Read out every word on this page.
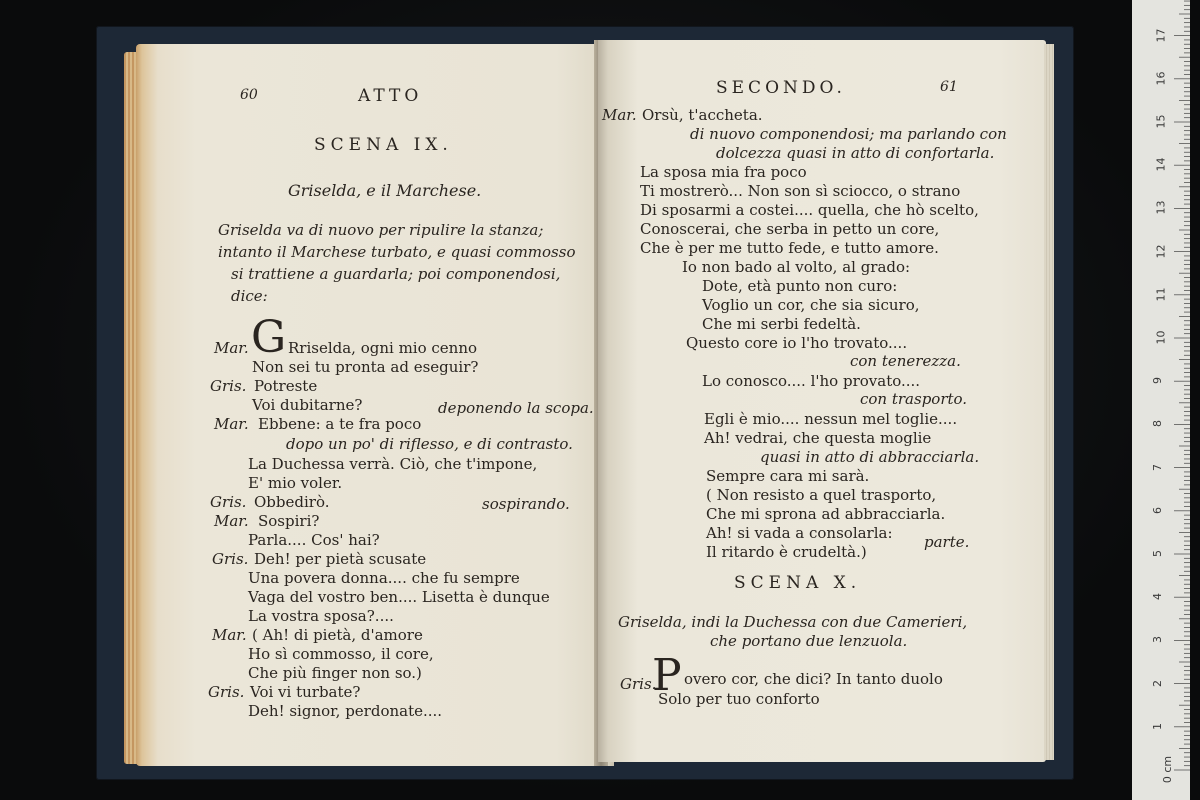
60	ATTO
SCENA IX.
Griselda, e il Marchese.
Griselda va di nuovo per ripulire la stanza;
intanto il Marchese turbato, e quasi commosso
si trattiene a guardarla; poi componendosi,
dice:
Mar. G Rriselda, ogni mio cenno
Non sei tu pronta ad eseguir?
Gris. Potreste
Voi dubitarne?	deponendo la scopa.
Mar. Ebbene: a te fra poco
dopo un po' di riflesso, e di contrasto.
La Duchessa verrà. Ciò, che t'impone,
E' mio voler.
Gris. Obbedirò.	sospirando.
Mar. Sospiri?
Parla.... Cos' hai?
Gris. Deh! per pietà scusate
Una povera donna.... che fu sempre
Vaga del vostro ben.... Lisetta è dunque
La vostra sposa?....
Mar. ( Ah! di pietà, d'amore
Ho sì commosso, il core,
Che più finger non so.)
Gris. Voi vi turbate?
Deh! signor, perdonate....
SECONDO.	61
Mar. Orsù, t'accheta.
di nuovo componendosi; ma parlando con
dolcezza quasi in atto di confortarla.
La sposa mia fra poco
Ti mostrerò... Non son sì sciocco, o strano
Di sposarmi a costei.... quella, che hò scelto,
Conoscerai, che serba in petto un core,
Che è per me tutto fede, e tutto amore.
Io non bado al volto, al grado:
Dote, età punto non curo:
Voglio un cor, che sia sicuro,
Che mi serbi fedeltà.
Questo core io l'ho trovato....
con tenerezza.
Lo conosco.... l'ho provato....
con trasporto.
Egli è mio.... nessun mel toglie....
Ah! vedrai, che questa moglie
quasi in atto di abbracciarla.
Sempre cara mi sarà.
( Non resisto a quel trasporto,
Che mi sprona ad abbracciarla.
Ah! si vada a consolarla:
Il ritardo è crudeltà.)
parte.
SCENA X.
Griselda, indi la Duchessa con due Camerieri,
che portano due lenzuola.
Gris.
P overo cor, che dici? In tanto duolo
Solo per tuo conforto
0 cm
1
2
3
4
5
6
7
8
9
10
11
12
13
14
15
16
17
